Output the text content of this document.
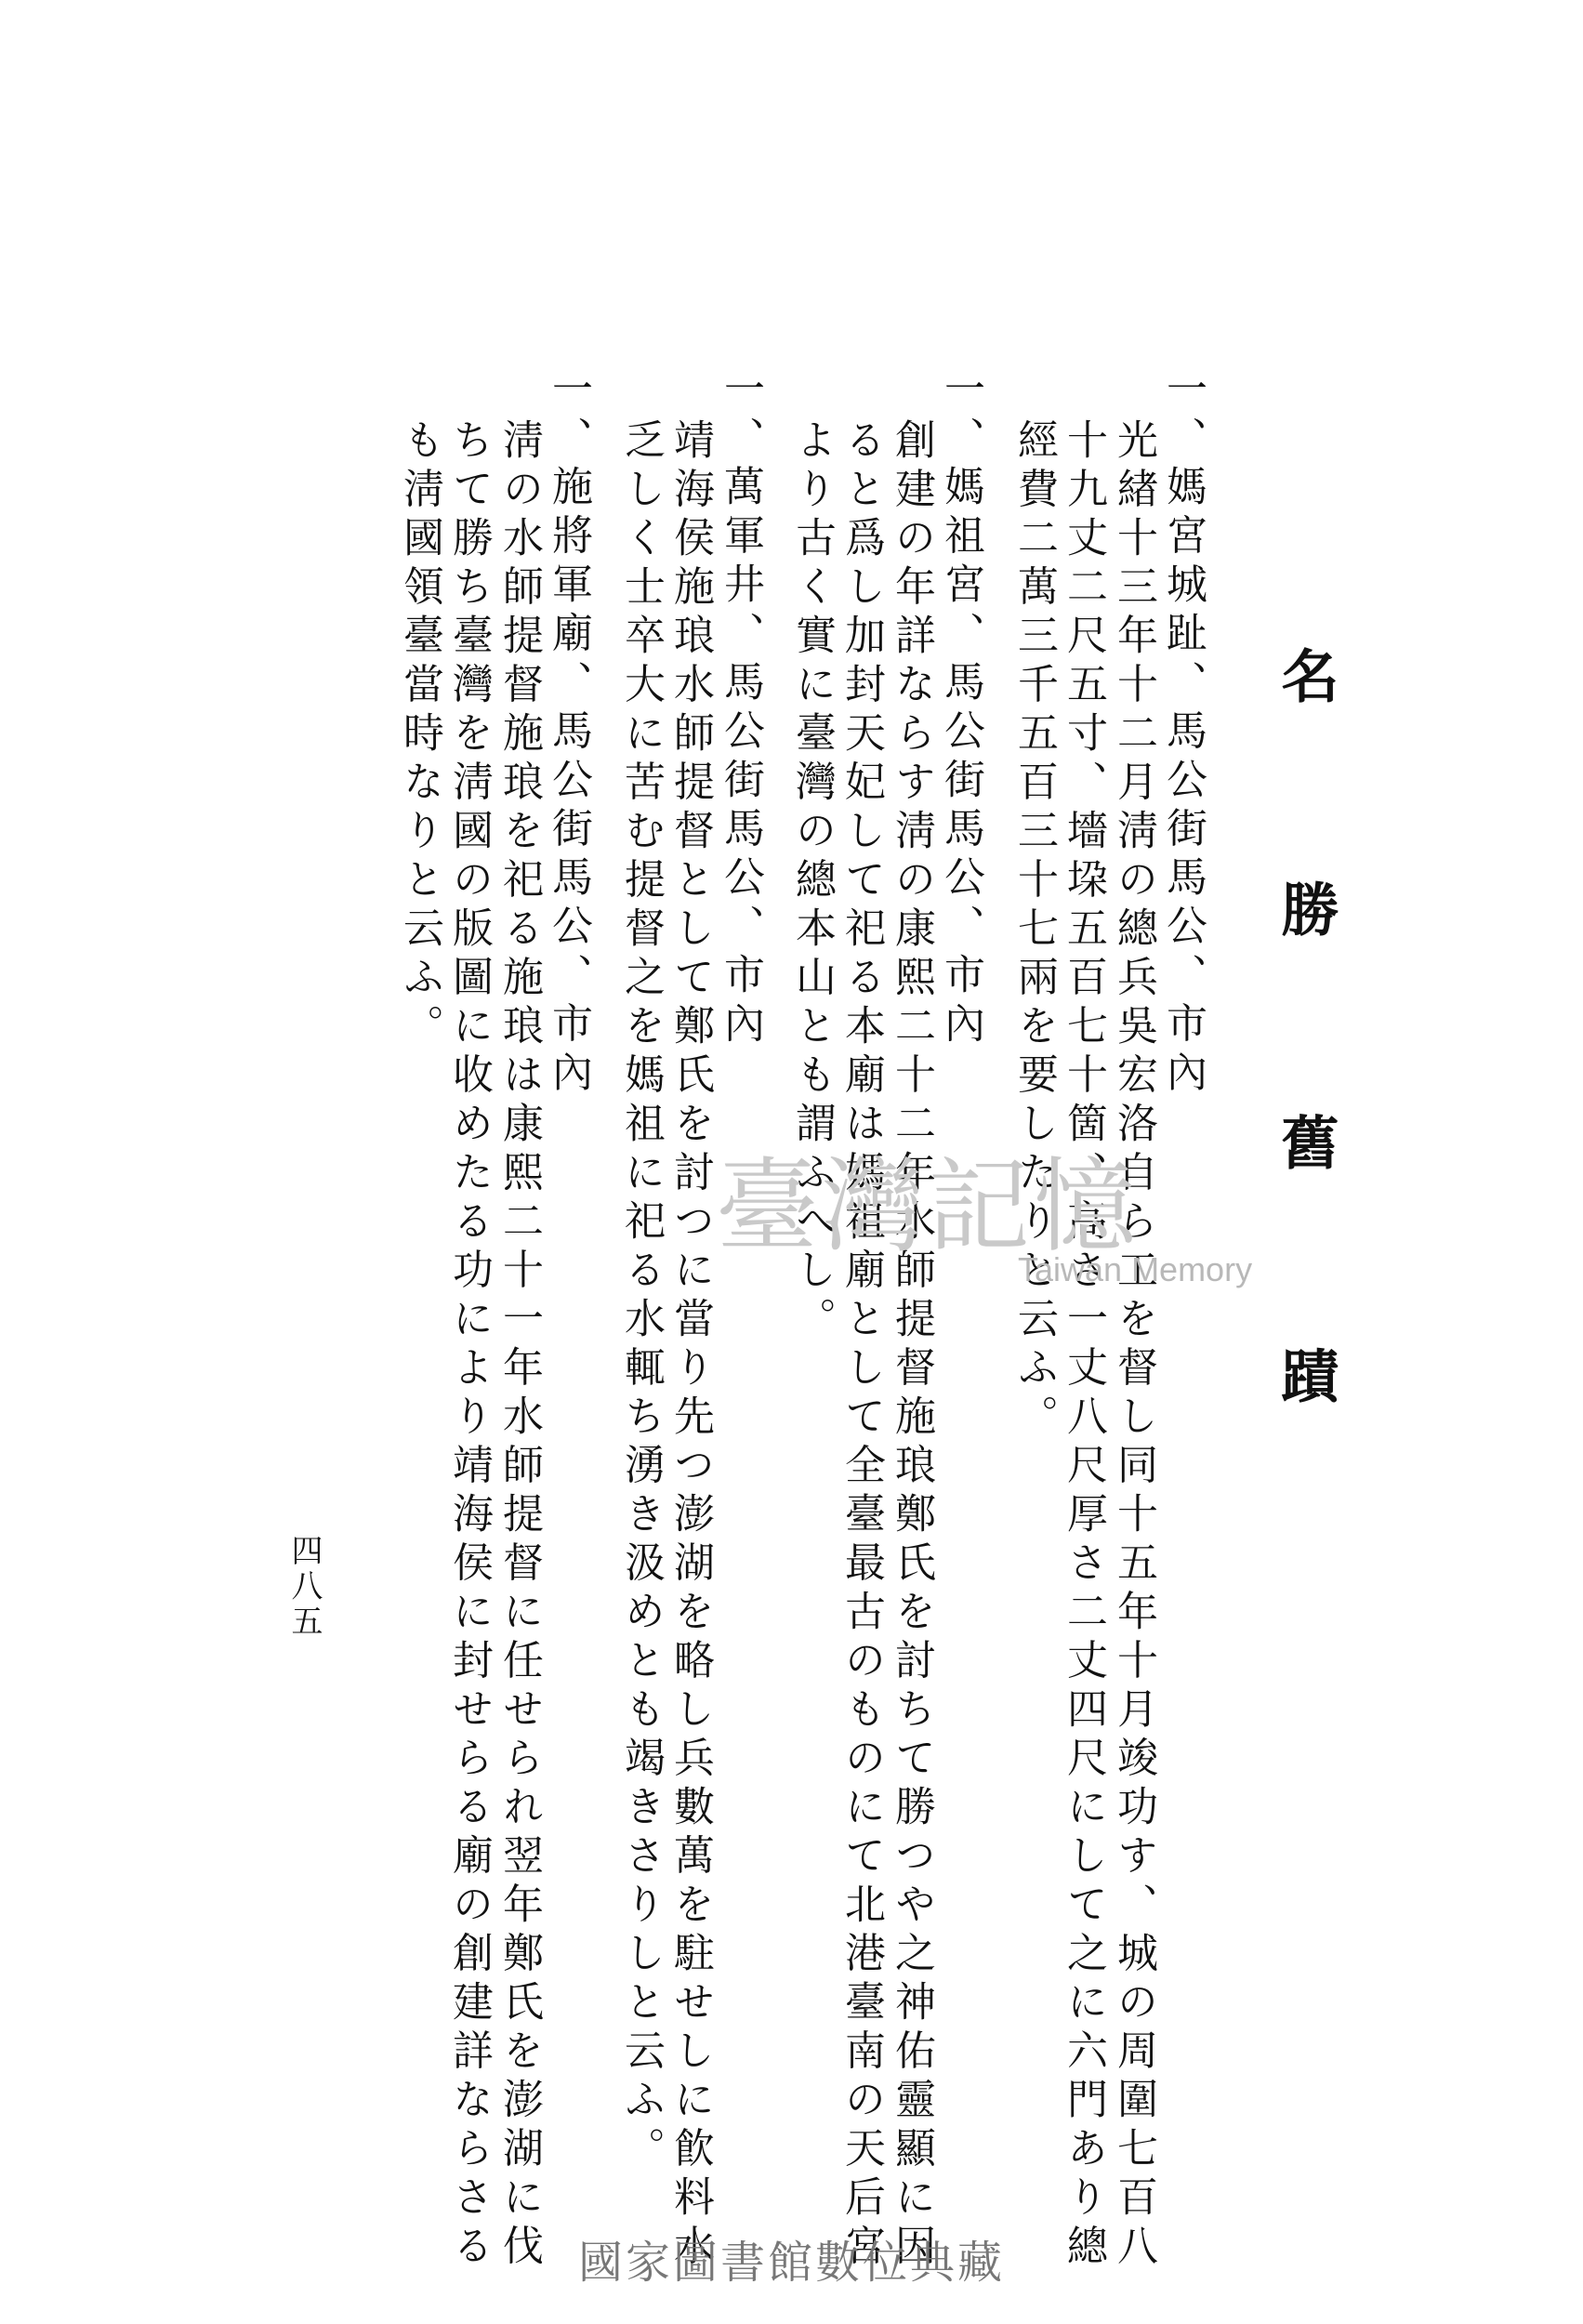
名 勝 舊 蹟
一、媽宮城趾、馬公街馬公、市內
光緖十三年十二月淸の總兵吳宏洛自ら工を督し同十五年十月竣功す、城の周圍七百八
十九丈二尺五寸、墻垜五百七十箇、高さ一丈八尺厚さ二丈四尺にして之に六門あり總
經費二萬三千五百三十七兩を要したりと云ふ。
一、媽祖宮、馬公街馬公、市內
創建の年詳ならす淸の康熙二十二年水師提督施琅鄭氏を討ちて勝つや之神佑靈顯に因
ると爲し加封天妃して祀る本廟は媽祖廟として全臺最古のものにて北港臺南の天后宮
より古く實に臺灣の總本山とも謂ふへし。
一、萬軍井、馬公街馬公、市內
靖海侯施琅水師提督として鄭氏を討つに當り先つ澎湖を略し兵數萬を駐せしに飮料水
乏しく士卒大に苦む提督之を媽祖に祀る水輒ち湧き汲めとも竭きさりしと云ふ。
一、施將軍廟、馬公街馬公、市內
淸の水師提督施琅を祀る施琅は康熙二十一年水師提督に任せられ翌年鄭氏を澎湖に伐
ちて勝ち臺灣を淸國の版圖に收めたる功により靖海侯に封せらる廟の創建詳ならさる
も淸國領臺當時なりと云ふ。
四八五
臺灣記憶
Taiwan Memory
國家圖書館數位典藏
